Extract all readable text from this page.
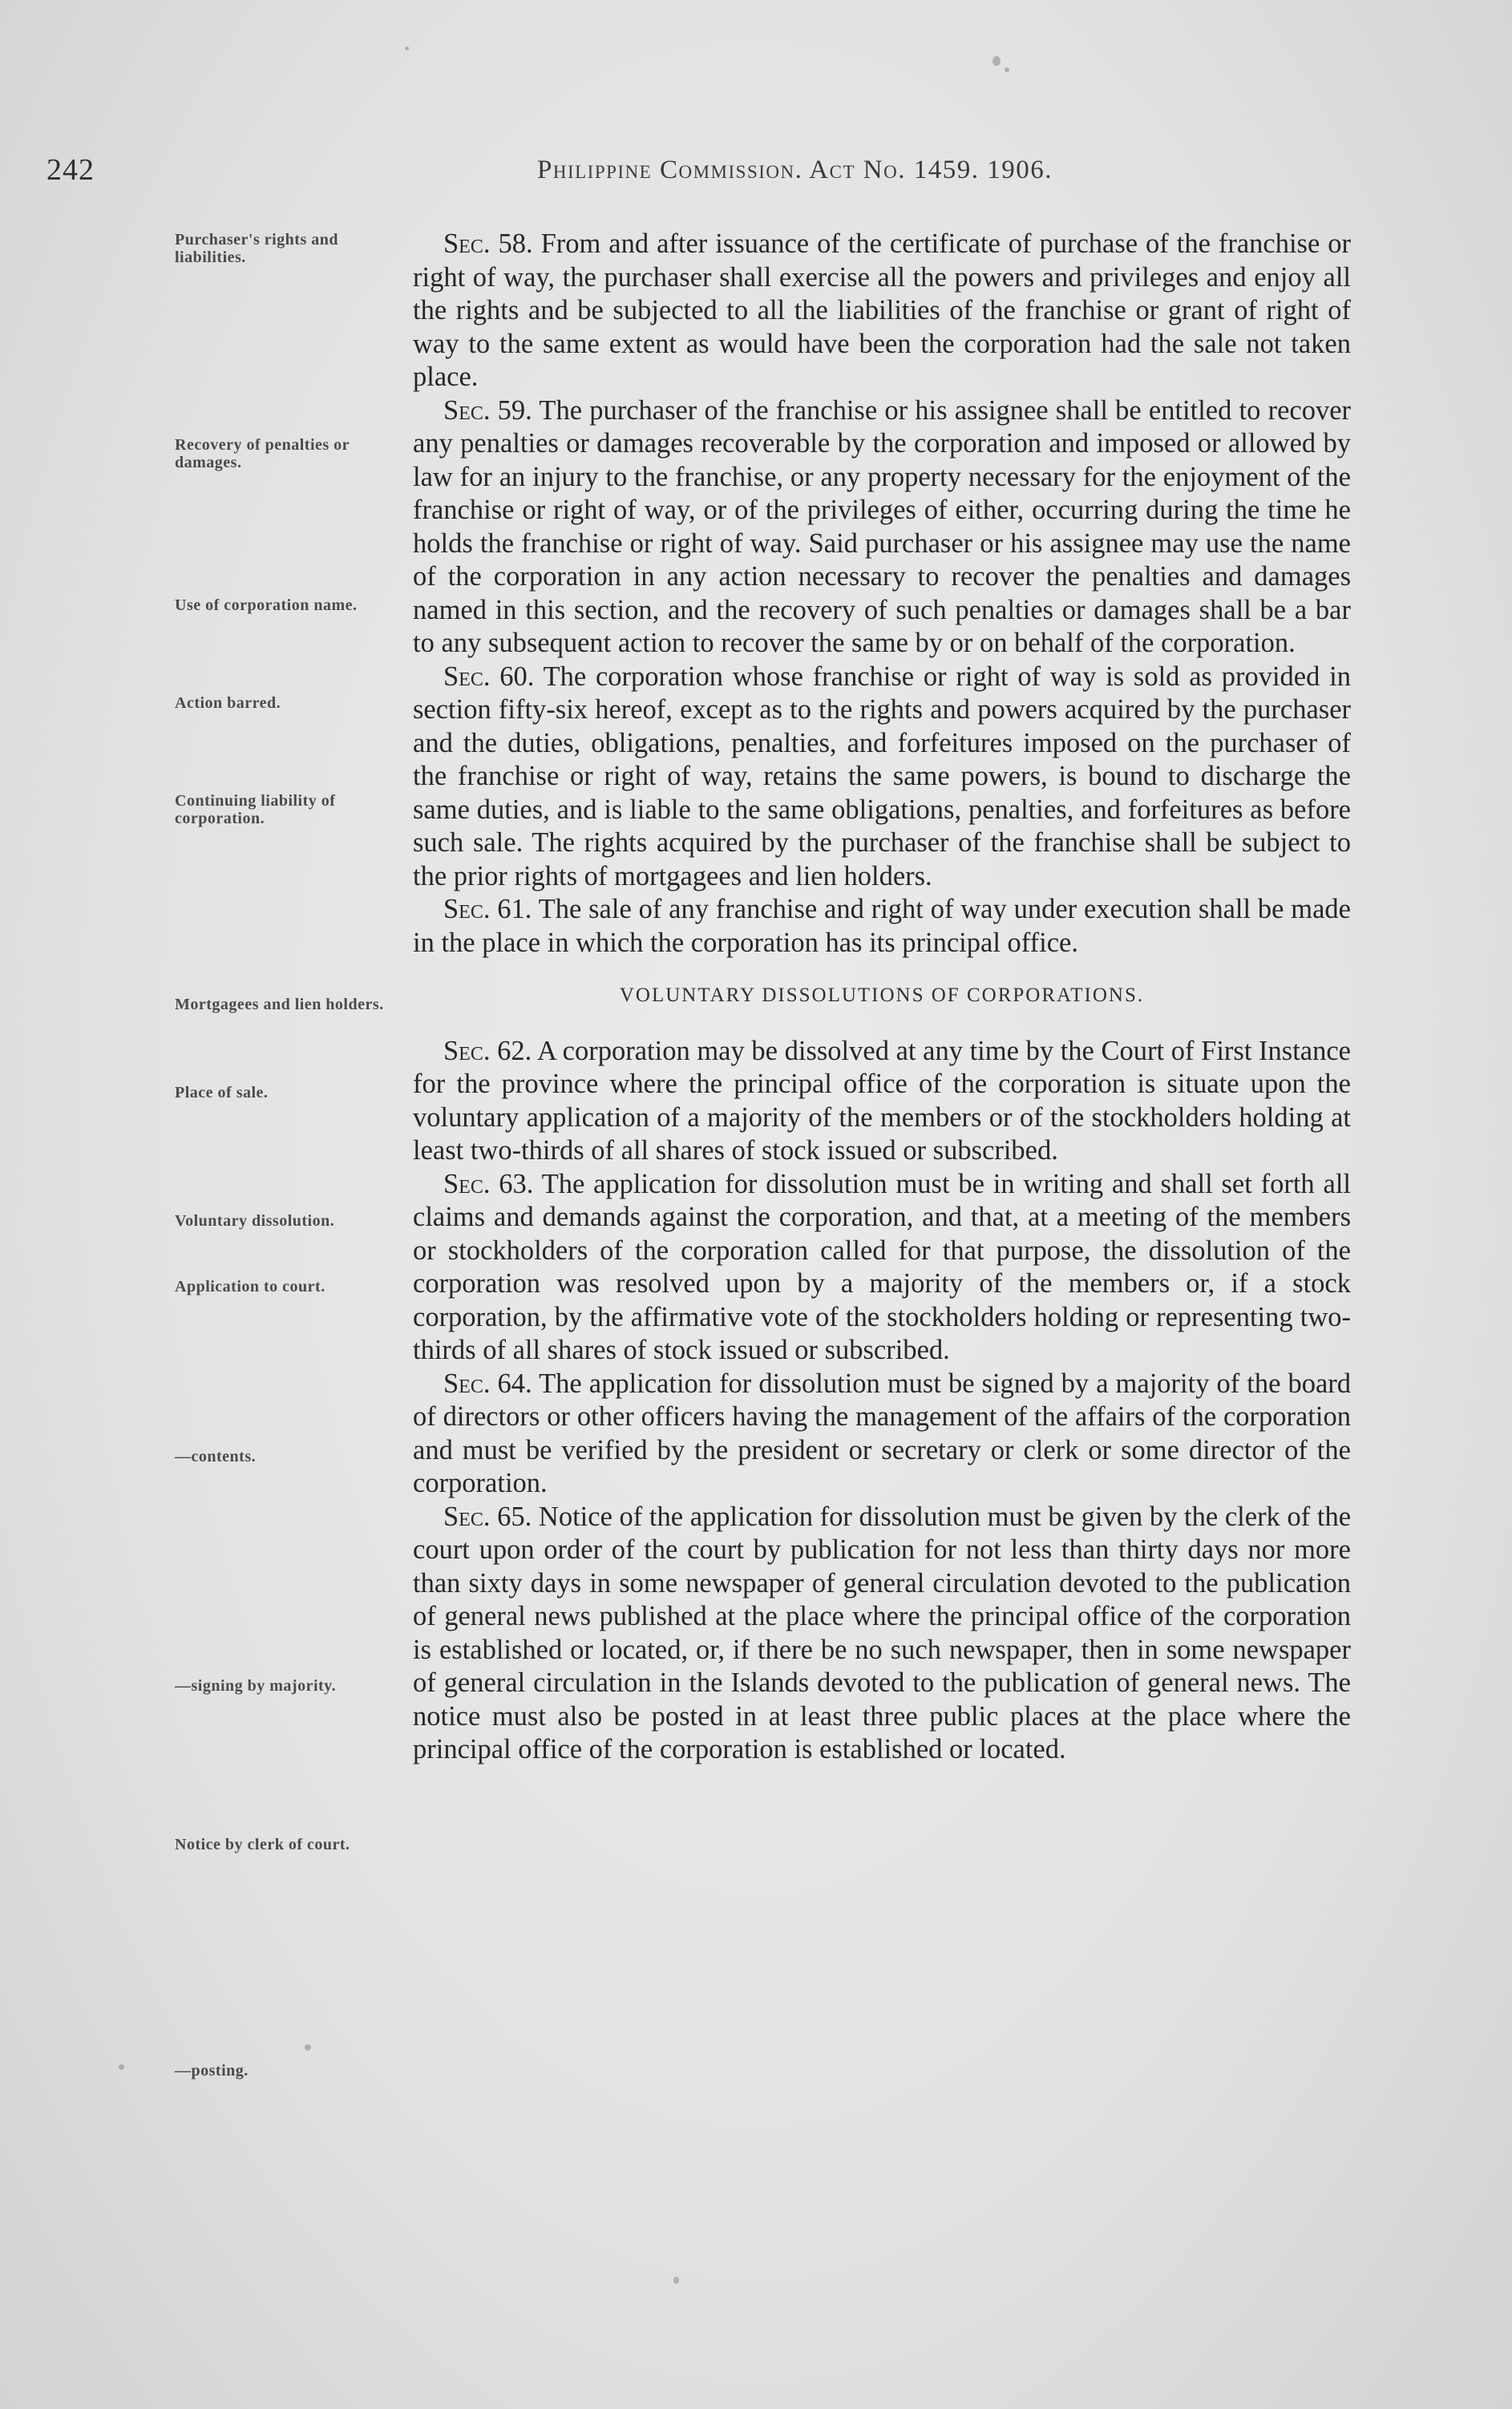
242	Philippine Commission. Act No. 1459. 1906.
Purchaser's rights and liabilities.
Recovery of penalties or damages.
Use of corporation name.
Action barred.
Continuing liability of corporation.
Mortgagees and lien holders.
Place of sale.
Voluntary dissolution.
Application to court.
—contents.
—signing by majority.
Notice by clerk of court.
—posting.

Sec. 58. From and after issuance of the certificate of purchase of the franchise or right of way, the purchaser shall exercise all the powers and privileges and enjoy all the rights and be subjected to all the liabilities of the franchise or grant of right of way to the same extent as would have been the corporation had the sale not taken place.

Sec. 59. The purchaser of the franchise or his assignee shall be entitled to recover any penalties or damages recoverable by the corporation and imposed or allowed by law for an injury to the franchise, or any property necessary for the enjoyment of the franchise or right of way, or of the privileges of either, occurring during the time he holds the franchise or right of way. Said purchaser or his assignee may use the name of the corporation in any action necessary to recover the penalties and damages named in this section, and the recovery of such penalties or damages shall be a bar to any subsequent action to recover the same by or on behalf of the corporation.

Sec. 60. The corporation whose franchise or right of way is sold as provided in section fifty-six hereof, except as to the rights and powers acquired by the purchaser and the duties, obligations, penalties, and forfeitures imposed on the purchaser of the franchise or right of way, retains the same powers, is bound to discharge the same duties, and is liable to the same obligations, penalties, and forfeitures as before such sale. The rights acquired by the purchaser of the franchise shall be subject to the prior rights of mortgagees and lien holders.

Sec. 61. The sale of any franchise and right of way under execution shall be made in the place in which the corporation has its principal office.

VOLUNTARY DISSOLUTIONS OF CORPORATIONS.

Sec. 62. A corporation may be dissolved at any time by the Court of First Instance for the province where the principal office of the corporation is situate upon the voluntary application of a majority of the members or of the stockholders holding at least two-thirds of all shares of stock issued or subscribed.

Sec. 63. The application for dissolution must be in writing and shall set forth all claims and demands against the corporation, and that, at a meeting of the members or stockholders of the corporation called for that purpose, the dissolution of the corporation was resolved upon by a majority of the members or, if a stock corporation, by the affirmative vote of the stockholders holding or representing two-thirds of all shares of stock issued or subscribed.

Sec. 64. The application for dissolution must be signed by a majority of the board of directors or other officers having the management of the affairs of the corporation and must be verified by the president or secretary or clerk or some director of the corporation.

Sec. 65. Notice of the application for dissolution must be given by the clerk of the court upon order of the court by publication for not less than thirty days nor more than sixty days in some newspaper of general circulation devoted to the publication of general news published at the place where the principal office of the corporation is established or located, or, if there be no such newspaper, then in some newspaper of general circulation in the Islands devoted to the publication of general news. The notice must also be posted in at least three public places at the place where the principal office of the corporation is established or located.
